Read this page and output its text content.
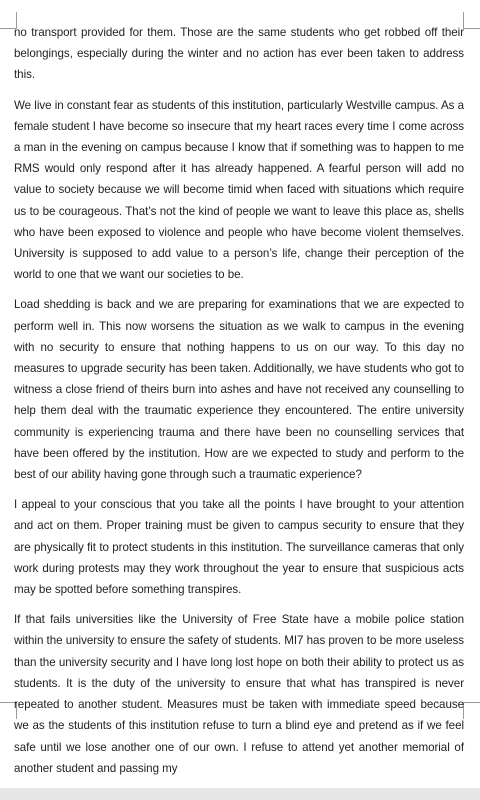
no transport provided for them. Those are the same students who get robbed off their belongings, especially during the winter and no action has ever been taken to address this.

We live in constant fear as students of this institution, particularly Westville campus. As a female student I have become so insecure that my heart races every time I come across a man in the evening on campus because I know that if something was to happen to me RMS would only respond after it has already happened. A fearful person will add no value to society because we will become timid when faced with situations which require us to be courageous. That’s not the kind of people we want to leave this place as, shells who have been exposed to violence and people who have become violent themselves. University is supposed to add value to a person’s life, change their perception of the world to one that we want our societies to be.

Load shedding is back and we are preparing for examinations that we are expected to perform well in. This now worsens the situation as we walk to campus in the evening with no security to ensure that nothing happens to us on our way. To this day no measures to upgrade security has been taken. Additionally, we have students who got to witness a close friend of theirs burn into ashes and have not received any counselling to help them deal with the traumatic experience they encountered. The entire university community is experiencing trauma and there have been no counselling services that have been offered by the institution. How are we expected to study and perform to the best of our ability having gone through such a traumatic experience?

I appeal to your conscious that you take all the points I have brought to your attention and act on them. Proper training must be given to campus security to ensure that they are physically fit to protect students in this institution. The surveillance cameras that only work during protests may they work throughout the year to ensure that suspicious acts may be spotted before something transpires.

If that fails universities like the University of Free State have a mobile police station within the university to ensure the safety of students. MI7 has proven to be more useless than the university security and I have long lost hope on both their ability to protect us as students. It is the duty of the university to ensure that what has transpired is never repeated to another student. Measures must be taken with immediate speed because we as the students of this institution refuse to turn a blind eye and pretend as if we feel safe until we lose another one of our own. I refuse to attend yet another memorial of another student and passing my
